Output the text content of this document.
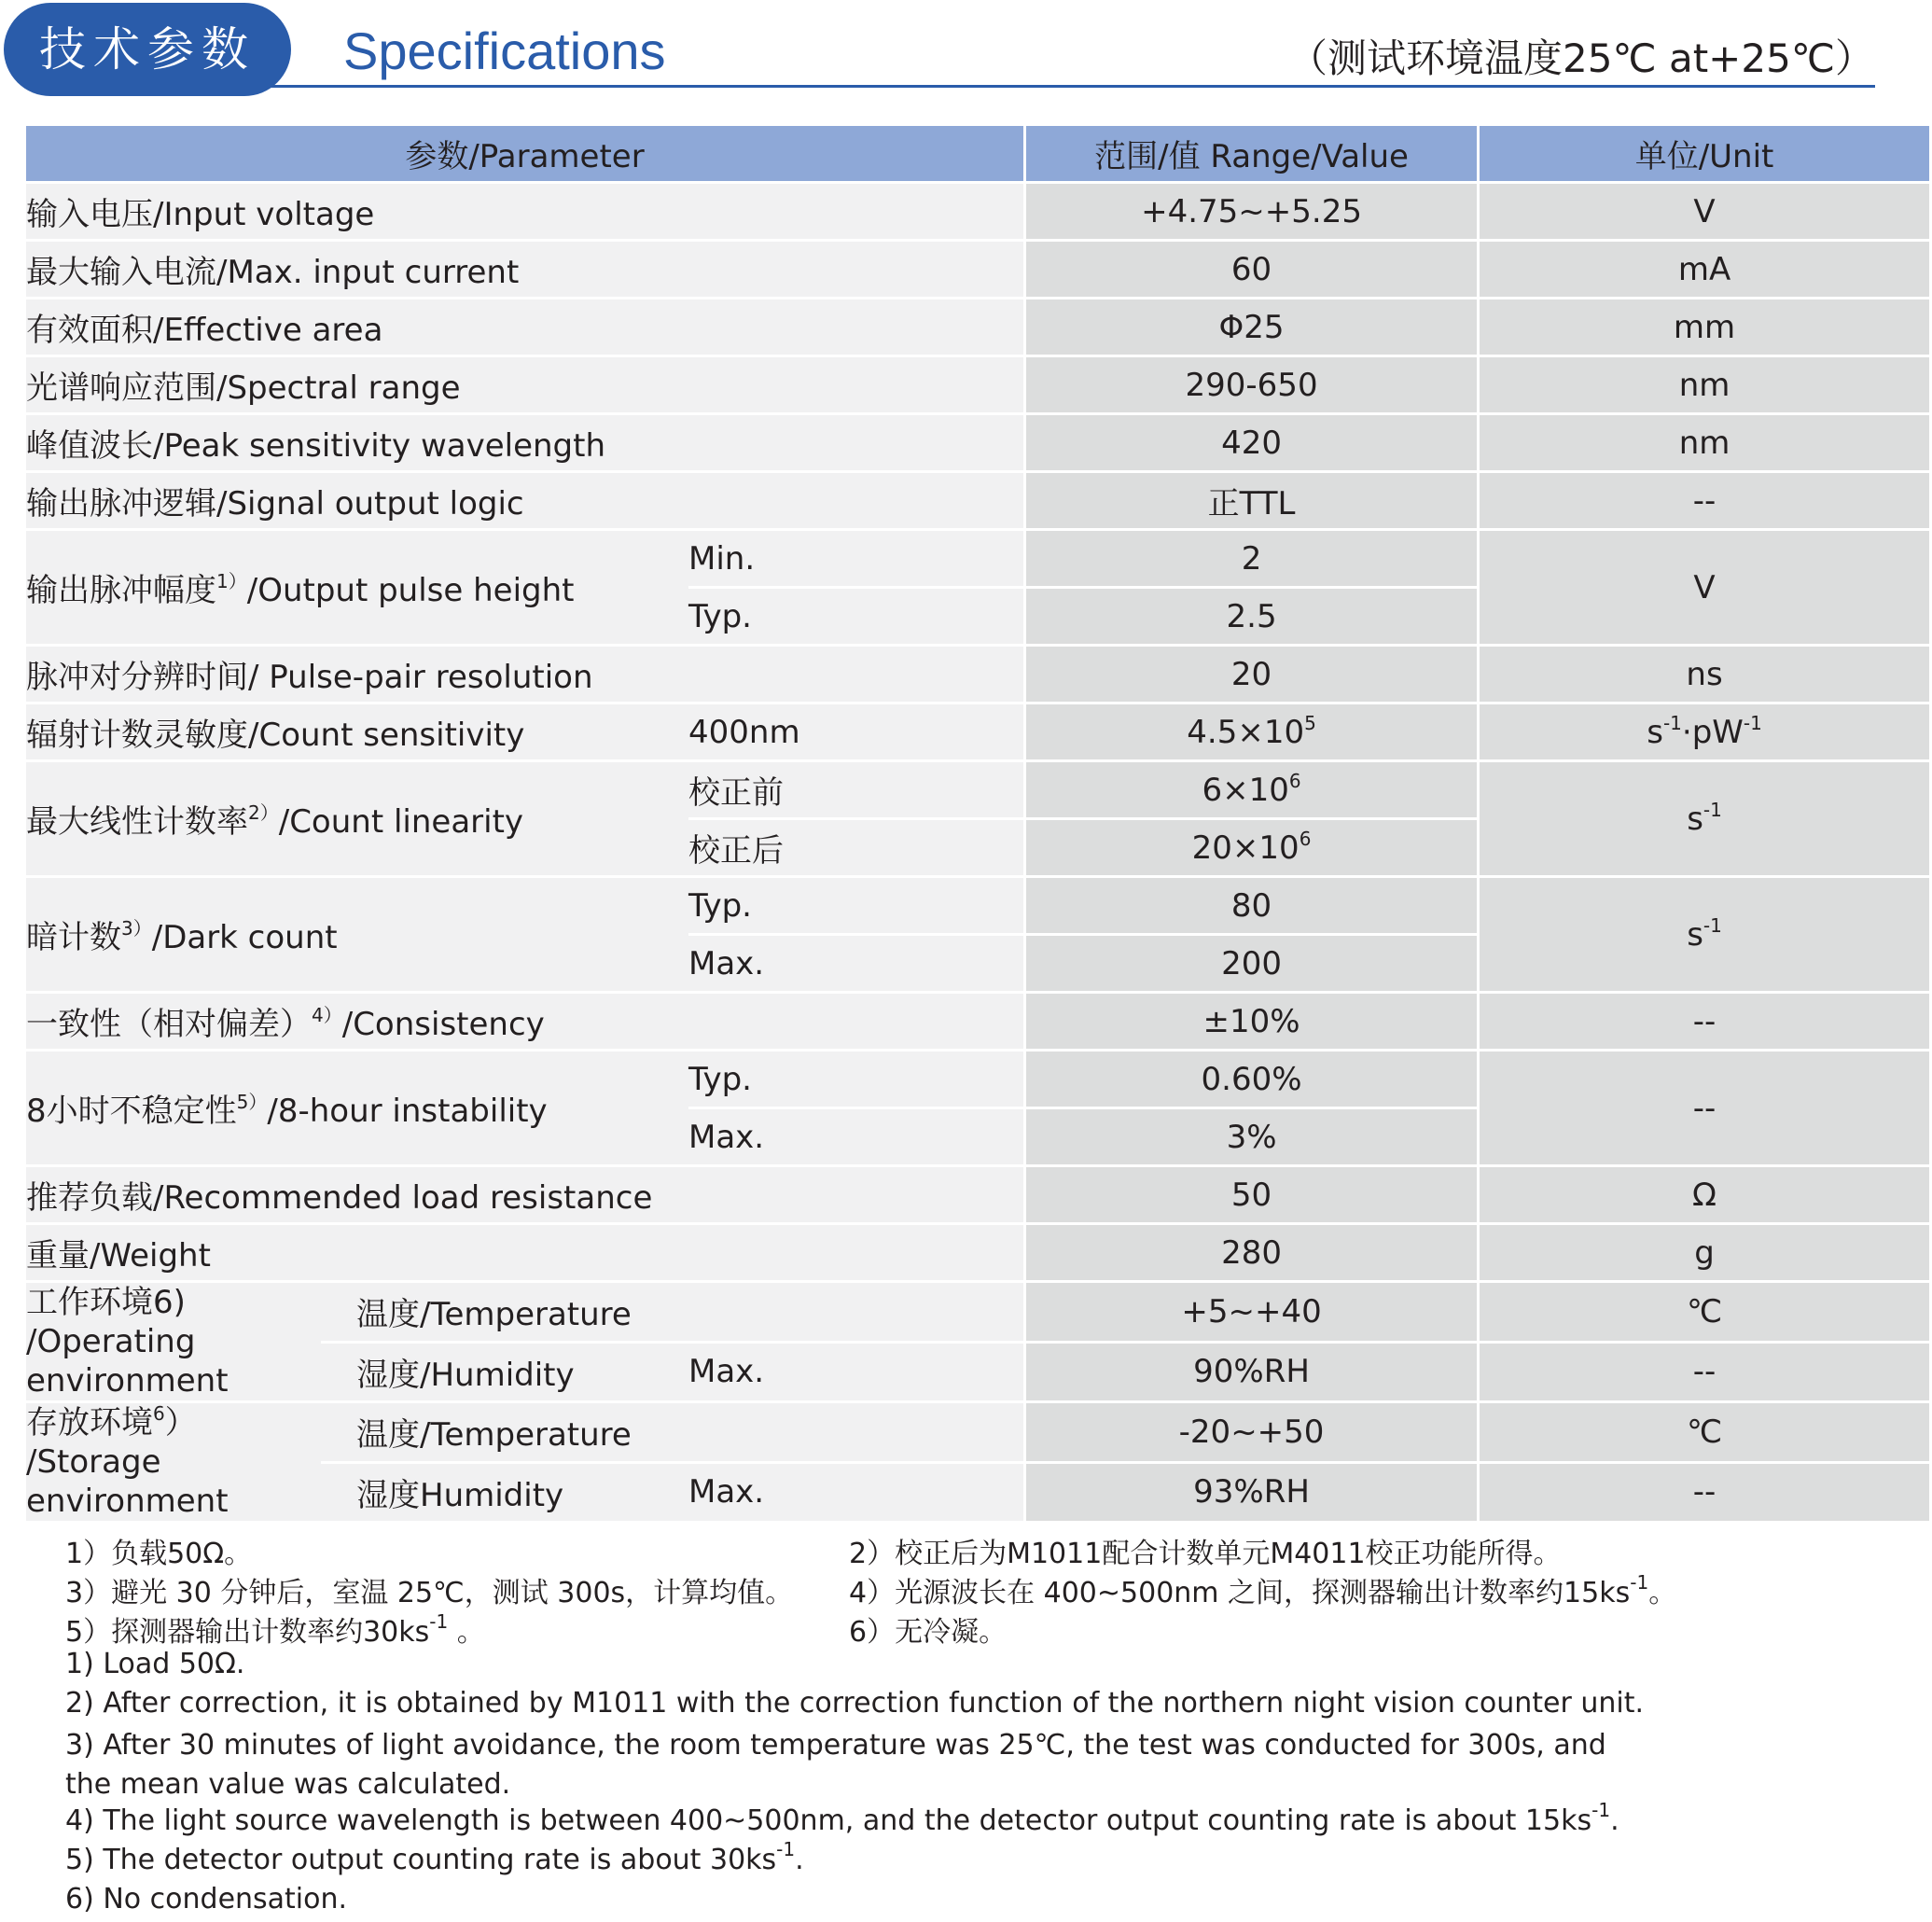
技术参数	Specifications	（测试环境温度25℃ at+25℃）
参数/Parameter					范围/值 Range/Value		单位/Unit
输入电压/Input voltage					+4.75~+5.25		V
最大输入电流/Max. input current					60		mA
有效面积/Effective area					Φ25		mm
光谱响应范围/Spectral range					290-650		nm
峰值波长/Peak sensitivity wavelength					420		nm
输出脉冲逻辑/Signal output logic					正TTL		--
输出脉冲幅度$^{1)}$/Output pulse height			Min.		2		V
			Typ.		2.5		
脉冲对分辨时间/ Pulse-pair resolution					20		ns
辐射计数灵敏度/Count sensitivity			400nm		$4.5\times 10^5$		$s^{-1}\cdot pW^{-1}$
最大线性计数率$^{2)}$/Count linearity			校正前		$6\times 10^6$		$s^{-1}$
			校正后		$20\times 10^6$
暗计数$^{3)}$/Dark count			Typ.		80		$s^{-1}$
			Max.		200		
一致性（相对偏差）$^{4)}$/Consistency					±10%		--
8小时不稳定性$^{5)}$/8-hour instability			Typ.		0.60%		--
			Max.		3%		
推荐负载/Recommended load resistance					50		Ω
重量/Weight					280		g

工作环境6)
/Operating
environment		温度/Temperature			+5~+40		℃
		湿度/Humidity	Max.		90%RH		--

存放环境$^6$）
/Storage
environment		温度/Temperature			-20~+50		℃
		湿度Humidity	Max.		93%RH		--
1）负载50Ω。	2）校正后为M1011配合计数单元M4011校正功能所得。
3）避光 30 分钟后，室温 25℃，测试 300s，计算均值。 4）光源波长在 400~500nm 之间，探测器输出计数率约$15ks^{-1}$。
5）探测器输出计数率约$30ks^{-1}$ 。	6）无冷凝。
1) Load 50Ω.
2) After correction, it is obtained by M1011 with the correction function of the northern night vision counter unit.
3) After 30 minutes of light avoidance, the room temperature was 25℃, the test was conducted for 300s, and the mean value was calculated.
4) The light source wavelength is between 400~500nm, and the detector output counting rate is about $15ks^{-1}$.
5) The detector output counting rate is about $30ks^{-1}$.
6) No condensation.
